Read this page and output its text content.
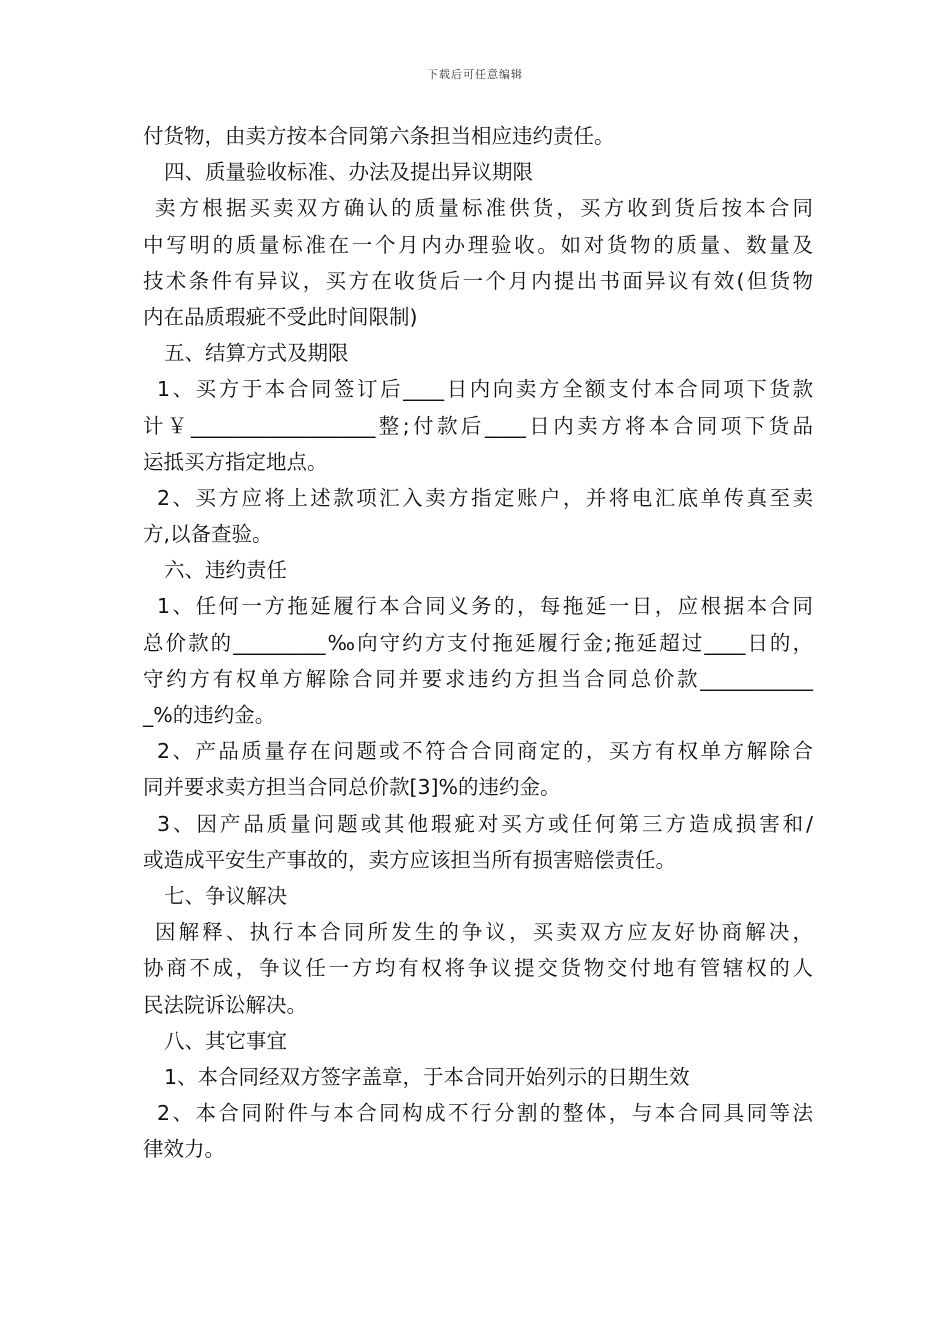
下载后可任意编辑
付货物，由卖方按本合同第六条担当相应违约责任。
四、质量验收标准、办法及提出异议期限
卖方根据买卖双方确认的质量标准供货，买方收到货后按本合同
中写明的质量标准在一个月内办理验收。如对货物的质量、数量及
技术条件有异议，买方在收货后一个月内提出书面异议有效(但货物
内在品质瑕疵不受此时间限制)
五、结算方式及期限
1、买方于本合同签订后____日内向卖方全额支付本合同项下货款
计￥__________________整;付款后____日内卖方将本合同项下货品
运抵买方指定地点。
2、买方应将上述款项汇入卖方指定账户，并将电汇底单传真至卖
方,以备查验。
六、违约责任
1、任何一方拖延履行本合同义务的，每拖延一日，应根据本合同
总价款的_________‰向守约方支付拖延履行金;拖延超过____日的，
守约方有权单方解除合同并要求违约方担当合同总价款___________
_%的违约金。
2、产品质量存在问题或不符合合同商定的，买方有权单方解除合
同并要求卖方担当合同总价款[3]%的违约金。
3、因产品质量问题或其他瑕疵对买方或任何第三方造成损害和/
或造成平安生产事故的，卖方应该担当所有损害赔偿责任。
七、争议解决
因解释、执行本合同所发生的争议，买卖双方应友好协商解决，
协商不成，争议任一方均有权将争议提交货物交付地有管辖权的人
民法院诉讼解决。
八、其它事宜
1、本合同经双方签字盖章，于本合同开始列示的日期生效
2、本合同附件与本合同构成不行分割的整体，与本合同具同等法
律效力。
